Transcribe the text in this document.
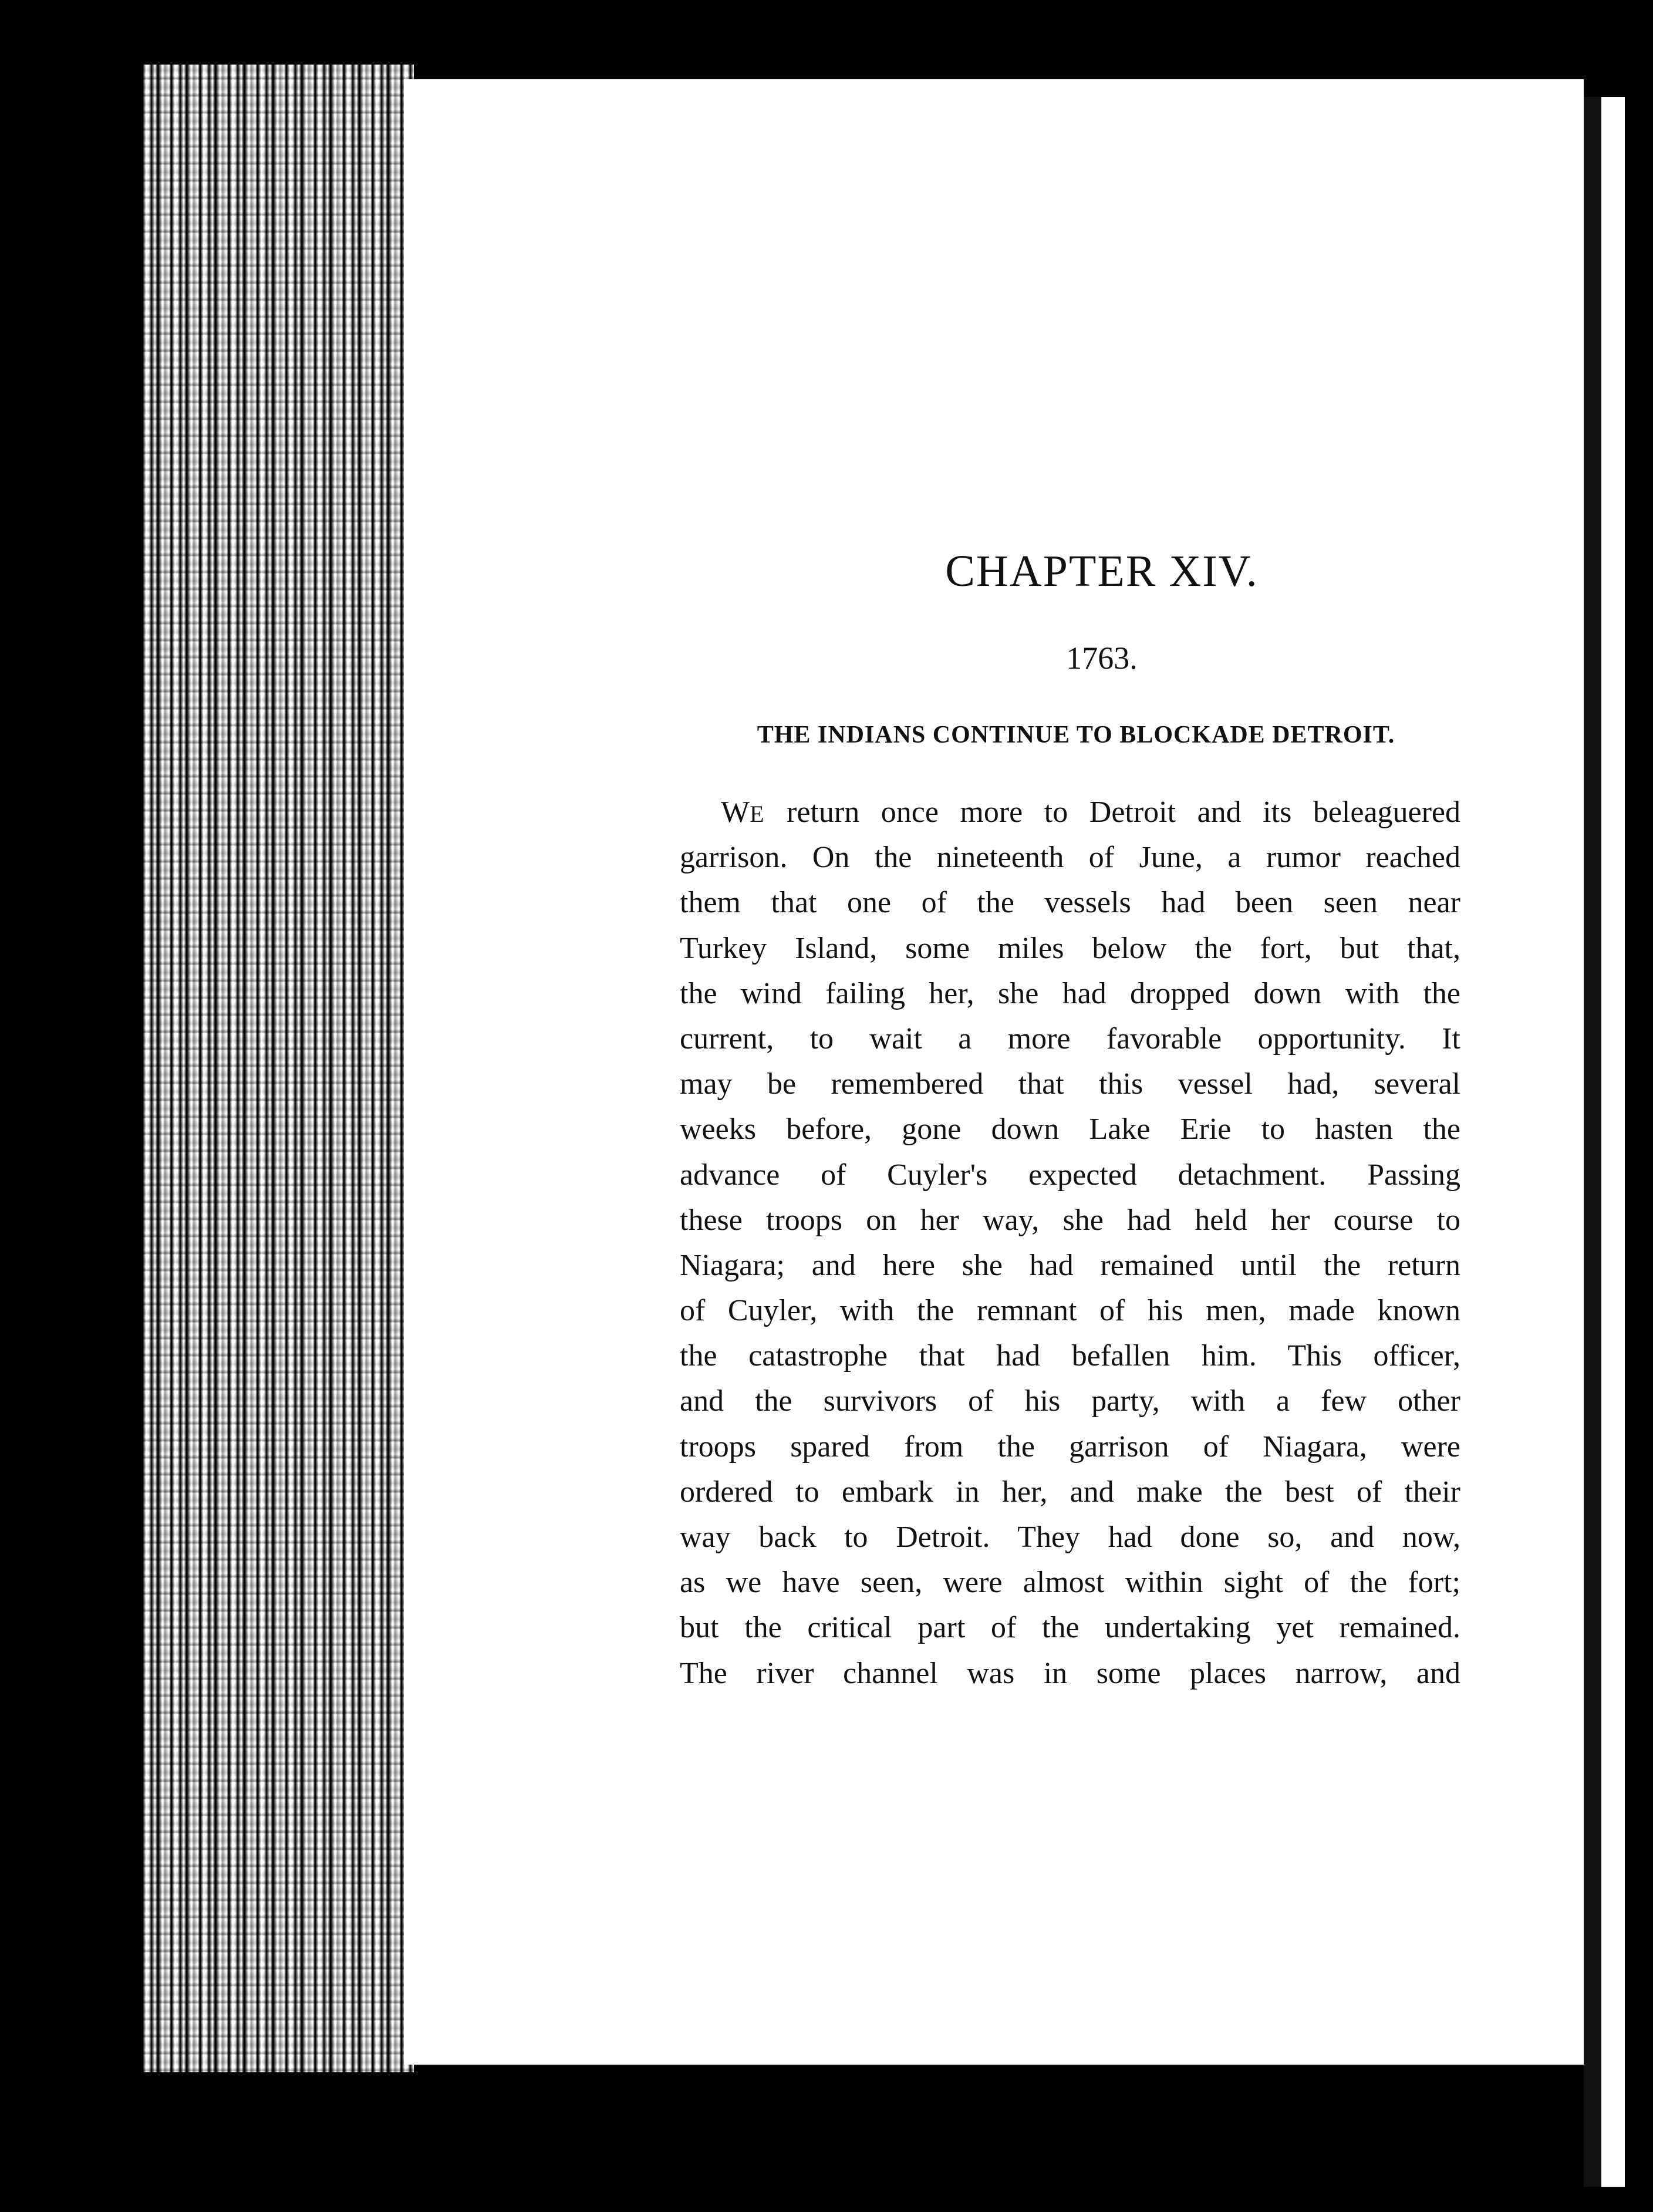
CHAPTER XIV.
1763.
THE INDIANS CONTINUE TO BLOCKADE DETROIT.
WE return once more to Detroit and its beleaguered
garrison. On the nineteenth of June, a rumor reached
them that one of the vessels had been seen near
Turkey Island, some miles below the fort, but that,
the wind failing her, she had dropped down with the
current, to wait a more favorable opportunity. It
may be remembered that this vessel had, several
weeks before, gone down Lake Erie to hasten the
advance of Cuyler's expected detachment. Passing
these troops on her way, she had held her course to
Niagara; and here she had remained until the return
of Cuyler, with the remnant of his men, made known
the catastrophe that had befallen him. This officer,
and the survivors of his party, with a few other
troops spared from the garrison of Niagara, were
ordered to embark in her, and make the best of their
way back to Detroit. They had done so, and now,
as we have seen, were almost within sight of the fort;
but the critical part of the undertaking yet remained.
The river channel was in some places narrow, and
